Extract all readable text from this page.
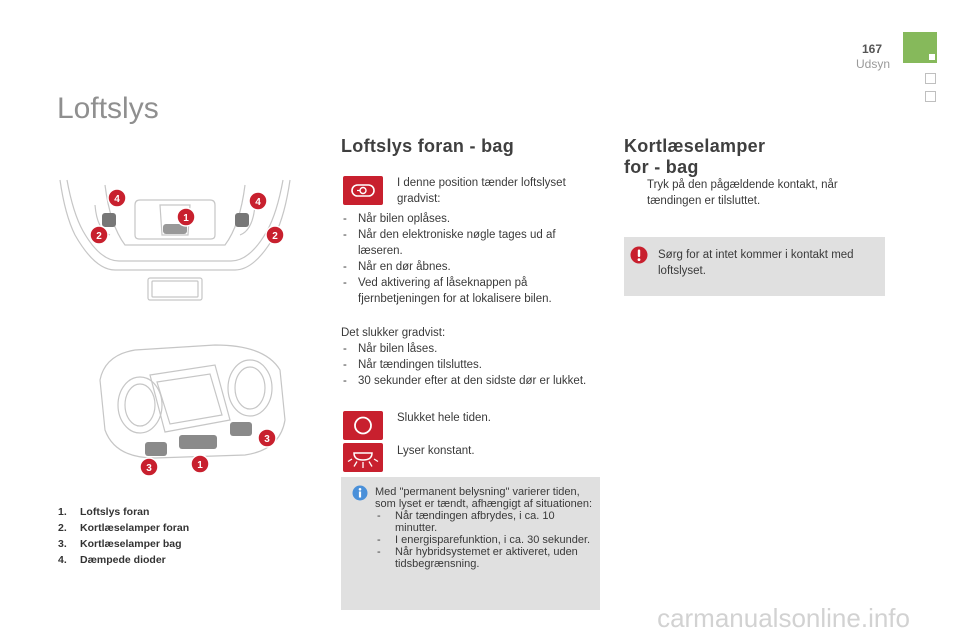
167
Udsyn
Loftslys
1
2	2
4	4
3
1
3
1. Loftslys foran
2. Kortlæselamper foran
3. Kortlæselamper bag
4. Dæmpede dioder
Loftslys foran - bag
I denne position tænder loftslyset gradvist:
- Når bilen oplåses.
- Når den elektroniske nøgle tages ud af læseren.
- Når en dør åbnes.
- Ved aktivering af låseknappen på fjernbetjeningen for at lokalisere bilen.
Det slukker gradvist:
- Når bilen låses.
- Når tændingen tilsluttes.
- 30 sekunder efter at den sidste dør er lukket.
Slukket hele tiden.
Lyser konstant.
Med "permanent belysning" varierer tiden, som lyset er tændt, afhængigt af situationen:
- Når tændingen afbrydes, i ca. 10 minutter.
- I energisparefunktion, i ca. 30 sekunder.
- Når hybridsystemet er aktiveret, uden tidsbegrænsning.
Kortlæselamper
for - bag
Tryk på den pågældende kontakt, når tændingen er tilsluttet.
Sørg for at intet kommer i kontakt med loftslyset.
carmanualsonline.info
